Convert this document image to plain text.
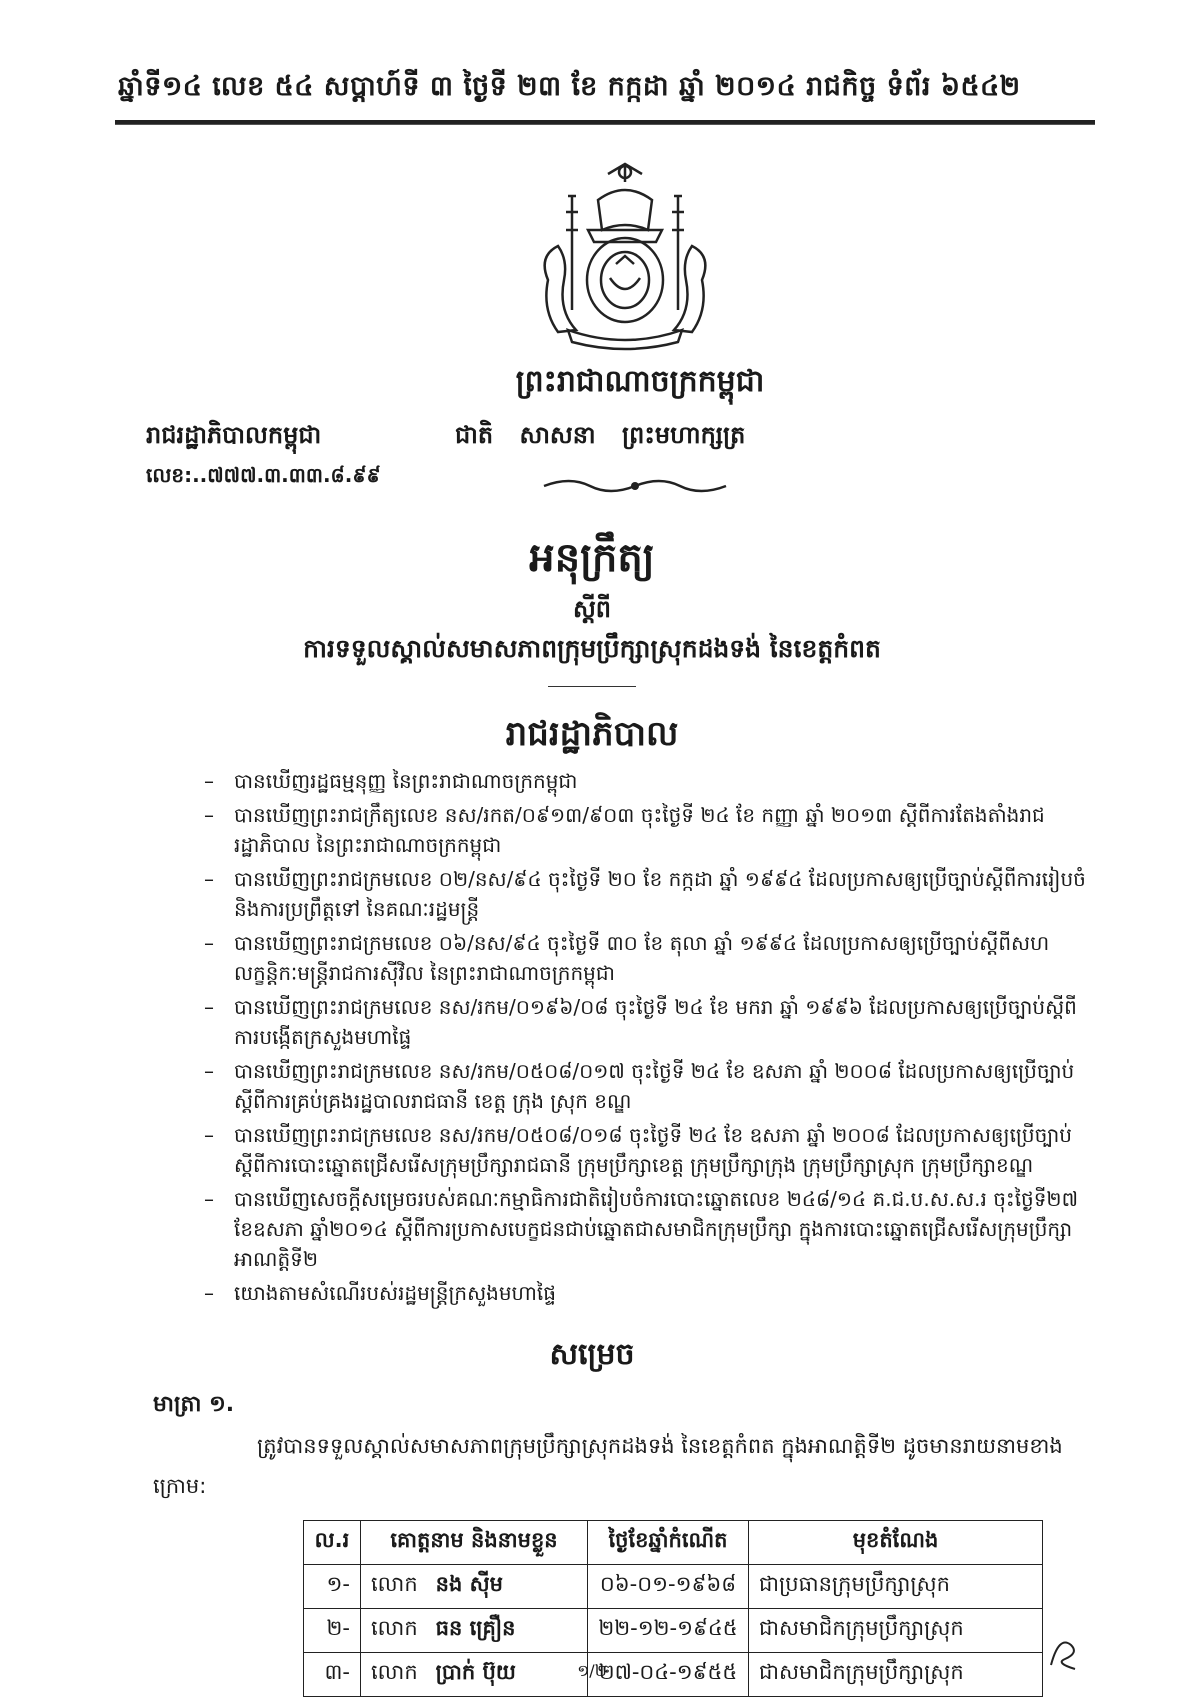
ឆ្នាំទី១៤ លេខ ៥៤ សប្តាហ៍ទី ៣ ថ្ងៃទី ២៣ ខែ កក្កដា ឆ្នាំ ២០១៤ រាជកិច្ច ទំព័រ ៦៥៤២
ព្រះរាជាណាចក្រកម្ពុជា
រាជរដ្ឋាភិបាលកម្ពុជា	ជាតិ សាសនា ព្រះមហាក្សត្រ
លេខ:..៧៧៧.៣.៣៣.៨.៩៩
អនុក្រឹត្យ
ស្តីពី
ការទទួលស្គាល់សមាសភាពក្រុមប្រឹក្សាស្រុកដងទង់ នៃខេត្តកំពត
រាជរដ្ឋាភិបាល
– បានឃើញរដ្ឋធម្មនុញ្ញ នៃព្រះរាជាណាចក្រកម្ពុជា
– បានឃើញព្រះរាជក្រឹត្យលេខ នស/រកត/០៩១៣/៩០៣ ចុះថ្ងៃទី ២៤ ខែ កញ្ញា ឆ្នាំ ២០១៣ ស្តីពីការតែងតាំងរាជរដ្ឋាភិបាល នៃព្រះរាជាណាចក្រកម្ពុជា
– បានឃើញព្រះរាជក្រមលេខ ០២/នស/៩៤ ចុះថ្ងៃទី ២០ ខែ កក្កដា ឆ្នាំ ១៩៩៤ ដែលប្រកាសឲ្យប្រើច្បាប់ស្តីពីការរៀបចំ និងការប្រព្រឹត្តទៅ នៃគណៈរដ្ឋមន្ត្រី
– បានឃើញព្រះរាជក្រមលេខ ០៦/នស/៩៤ ចុះថ្ងៃទី ៣០ ខែ តុលា ឆ្នាំ ១៩៩៤ ដែលប្រកាសឲ្យប្រើច្បាប់ស្តីពីសហលក្ខន្តិកៈមន្ត្រីរាជការស៊ីវិល នៃព្រះរាជាណាចក្រកម្ពុជា
– បានឃើញព្រះរាជក្រមលេខ នស/រកម/០១៩៦/០៨ ចុះថ្ងៃទី ២៤ ខែ មករា ឆ្នាំ ១៩៩៦ ដែលប្រកាសឲ្យប្រើច្បាប់ស្តីពីការបង្កើតក្រសួងមហាផ្ទៃ
– បានឃើញព្រះរាជក្រមលេខ នស/រកម/០៥០៨/០១៧ ចុះថ្ងៃទី ២៤ ខែ ឧសភា ឆ្នាំ ២០០៨ ដែលប្រកាសឲ្យប្រើច្បាប់ស្តីពីការគ្រប់គ្រងរដ្ឋបាលរាជធានី ខេត្ត ក្រុង ស្រុក ខណ្ឌ
– បានឃើញព្រះរាជក្រមលេខ នស/រកម/០៥០៨/០១៨ ចុះថ្ងៃទី ២៤ ខែ ឧសភា ឆ្នាំ ២០០៨ ដែលប្រកាសឲ្យប្រើច្បាប់ស្តីពីការបោះឆ្នោតជ្រើសរើសក្រុមប្រឹក្សារាជធានី ក្រុមប្រឹក្សាខេត្ត ក្រុមប្រឹក្សាក្រុង ក្រុមប្រឹក្សាស្រុក ក្រុមប្រឹក្សាខណ្ឌ
– បានឃើញសេចក្តីសម្រេចរបស់គណៈកម្មាធិការជាតិរៀបចំការបោះឆ្នោតលេខ ២៤៨/១៤ គ.ជ.ប.ស.ស.រ ចុះថ្ងៃទី២៧ ខែឧសភា ឆ្នាំ២០១៤ ស្តីពីការប្រកាសបេក្ខជនជាប់ឆ្នោតជាសមាជិកក្រុមប្រឹក្សា ក្នុងការបោះឆ្នោតជ្រើសរើសក្រុមប្រឹក្សា អាណត្តិទី២
– យោងតាមសំណើរបស់រដ្ឋមន្ត្រីក្រសួងមហាផ្ទៃ
សម្រេច
មាត្រា ១.
ត្រូវបានទទួលស្គាល់សមាសភាពក្រុមប្រឹក្សាស្រុកដងទង់ នៃខេត្តកំពត ក្នុងអាណត្តិទី២ ដូចមានរាយនាមខាងក្រោម:
ល.រ	គោត្តនាម និងនាមខ្លួន	ថ្ងៃខែឆ្នាំកំណើត	មុខតំណែង
១-	លោក នង ស៊ីម	០៦-០១-១៩៦៨	ជាប្រធានក្រុមប្រឹក្សាស្រុក
២-	លោក ធន គ្រឿន	២២-១២-១៩៤៥	ជាសមាជិកក្រុមប្រឹក្សាស្រុក
៣-	លោក ប្រាក់ ប៊ុយ	២៧-០៤-១៩៥៥	ជាសមាជិកក្រុមប្រឹក្សាស្រុក
១/២
